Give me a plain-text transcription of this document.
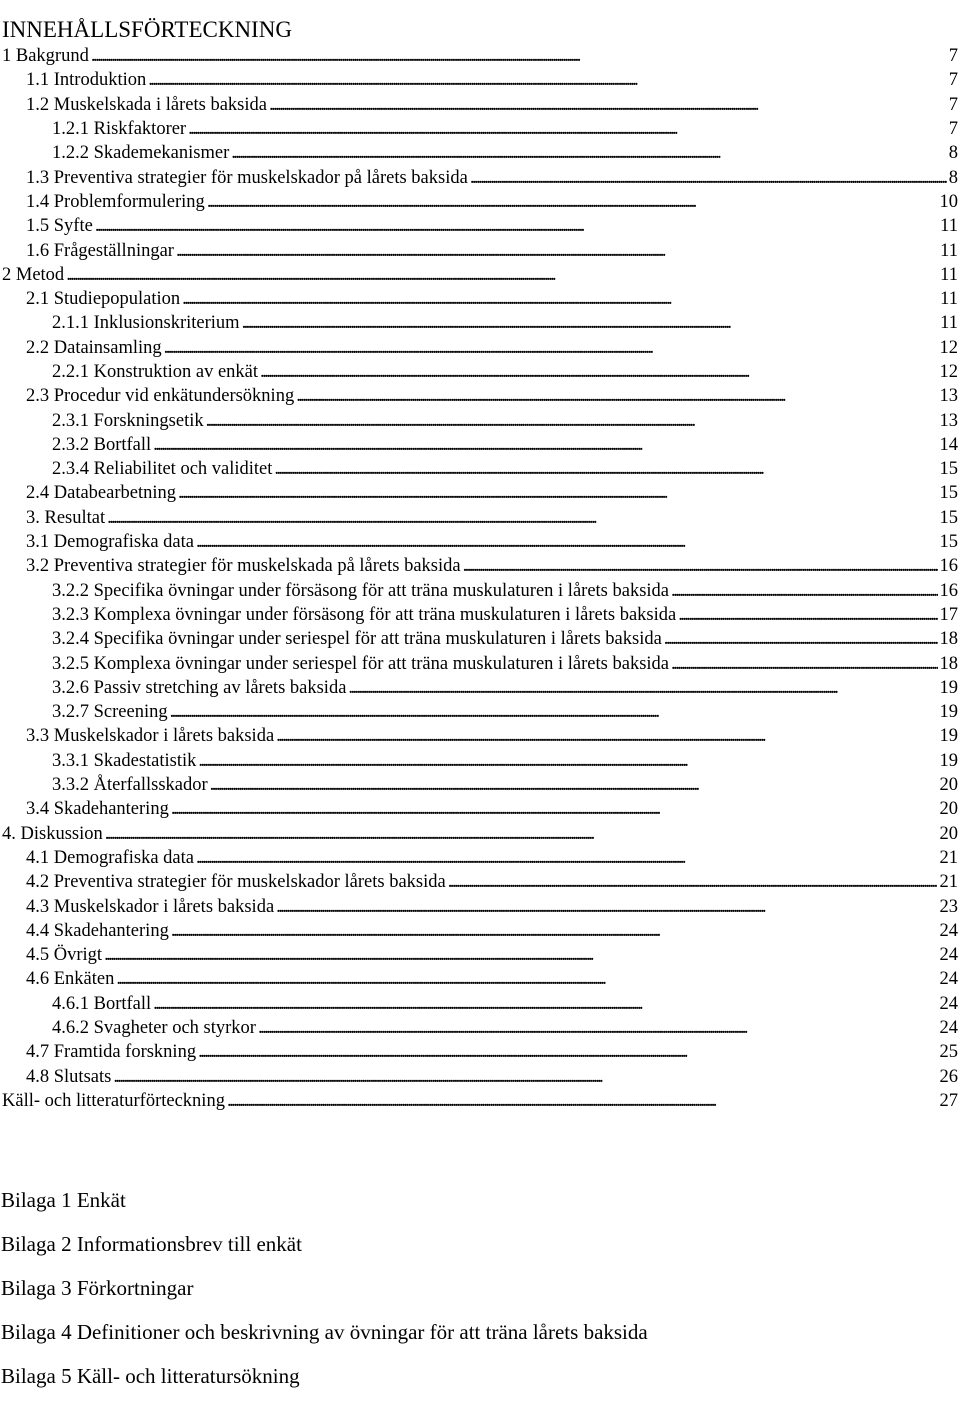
INNEHÅLLSFÖRTECKNING
1 Bakgrund . . .	7
1.1 Introduktion . . .	7
1.2 Muskelskada i lårets baksida . . .	7
1.2.1 Riskfaktorer . . .	7
1.2.2 Skademekanismer . . .	8
1.3 Preventiva strategier för muskelskador på lårets baksida . . .	8
1.4 Problemformulering . . .	10
1.5 Syfte . . .	11
1.6 Frågeställningar . . .	11
2 Metod . . .	11
2.1 Studiepopulation . . .	11
2.1.1 Inklusionskriterium . . .	11
2.2 Datainsamling . . .	12
2.2.1 Konstruktion av enkät . . .	12
2.3 Procedur vid enkätundersökning . . .	13
2.3.1 Forskningsetik . . .	13
2.3.2 Bortfall . . .	14
2.3.4 Reliabilitet och validitet . . .	15
2.4 Databearbetning . . .	15
3. Resultat . . .	15
3.1 Demografiska data . . .	15
3.2 Preventiva strategier för muskelskada på lårets baksida . . .	16
3.2.2 Specifika övningar under försäsong för att träna muskulaturen i lårets baksida . . .	16
3.2.3 Komplexa övningar under försäsong för att träna muskulaturen i lårets baksida . . .	17
3.2.4 Specifika övningar under seriespel för att träna muskulaturen i lårets baksida . . .	18
3.2.5 Komplexa övningar under seriespel för att träna muskulaturen i lårets baksida . . .	18
3.2.6 Passiv stretching av lårets baksida . . .	19
3.2.7 Screening . . .	19
3.3 Muskelskador i lårets baksida . . .	19
3.3.1 Skadestatistik . . .	19
3.3.2 Återfallsskador . . .	20
3.4 Skadehantering . . .	20
4. Diskussion . . .	20
4.1 Demografiska data . . .	21
4.2 Preventiva strategier för muskelskador lårets baksida . . .	21
4.3 Muskelskador i lårets baksida . . .	23
4.4 Skadehantering . . .	24
4.5 Övrigt . . .	24
4.6 Enkäten . . .	24
4.6.1 Bortfall . . .	24
4.6.2 Svagheter och styrkor . . .	24
4.7 Framtida forskning . . .	25
4.8 Slutsats . . .	26
Käll- och litteraturförteckning . . .	27
Bilaga 1 Enkät
Bilaga 2 Informationsbrev till enkät
Bilaga 3 Förkortningar
Bilaga 4 Definitioner och beskrivning av övningar för att träna lårets baksida
Bilaga 5 Käll- och litteratursökning
